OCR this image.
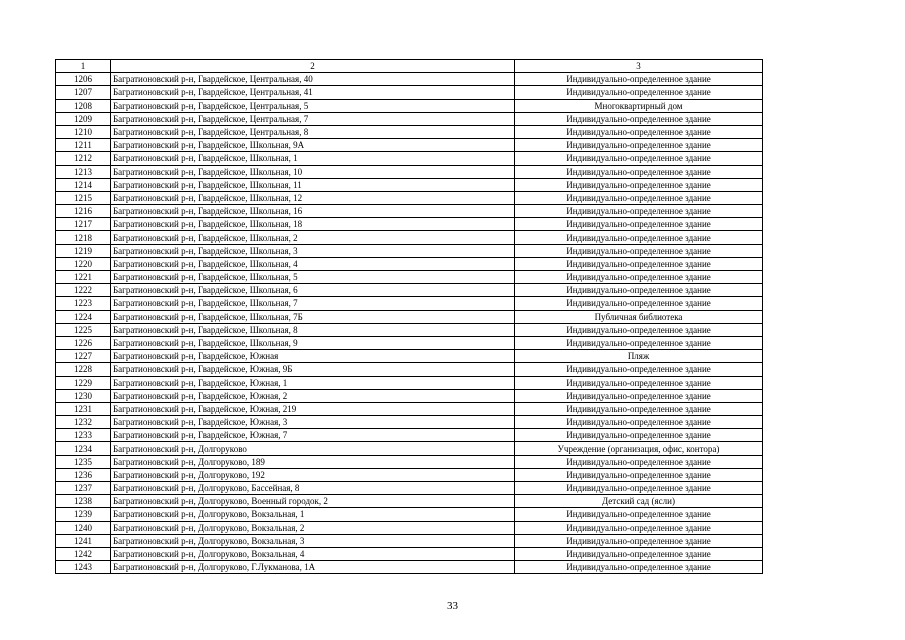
1	2	3
1206	Багратионовский р-н, Гвардейское, Центральная, 40	Индивидуально-определенное здание
1207	Багратионовский р-н, Гвардейское, Центральная, 41	Индивидуально-определенное здание
1208	Багратионовский р-н, Гвардейское, Центральная, 5	Многоквартирный дом
1209	Багратионовский р-н, Гвардейское, Центральная, 7	Индивидуально-определенное здание
1210	Багратионовский р-н, Гвардейское, Центральная, 8	Индивидуально-определенное здание
1211	Багратионовский р-н, Гвардейское, Школьная, 9А	Индивидуально-определенное здание
1212	Багратионовский р-н, Гвардейское, Школьная, 1	Индивидуально-определенное здание
1213	Багратионовский р-н, Гвардейское, Школьная, 10	Индивидуально-определенное здание
1214	Багратионовский р-н, Гвардейское, Школьная, 11	Индивидуально-определенное здание
1215	Багратионовский р-н, Гвардейское, Школьная, 12	Индивидуально-определенное здание
1216	Багратионовский р-н, Гвардейское, Школьная, 16	Индивидуально-определенное здание
1217	Багратионовский р-н, Гвардейское, Школьная, 18	Индивидуально-определенное здание
1218	Багратионовский р-н, Гвардейское, Школьная, 2	Индивидуально-определенное здание
1219	Багратионовский р-н, Гвардейское, Школьная, 3	Индивидуально-определенное здание
1220	Багратионовский р-н, Гвардейское, Школьная, 4	Индивидуально-определенное здание
1221	Багратионовский р-н, Гвардейское, Школьная, 5	Индивидуально-определенное здание
1222	Багратионовский р-н, Гвардейское, Школьная, 6	Индивидуально-определенное здание
1223	Багратионовский р-н, Гвардейское, Школьная, 7	Индивидуально-определенное здание
1224	Багратионовский р-н, Гвардейское, Школьная, 7Б	Публичная библиотека
1225	Багратионовский р-н, Гвардейское, Школьная, 8	Индивидуально-определенное здание
1226	Багратионовский р-н, Гвардейское, Школьная, 9	Индивидуально-определенное здание
1227	Багратионовский р-н, Гвардейское, Южная	Пляж
1228	Багратионовский р-н, Гвардейское, Южная, 9Б	Индивидуально-определенное здание
1229	Багратионовский р-н, Гвардейское, Южная, 1	Индивидуально-определенное здание
1230	Багратионовский р-н, Гвардейское, Южная, 2	Индивидуально-определенное здание
1231	Багратионовский р-н, Гвардейское, Южная, 219	Индивидуально-определенное здание
1232	Багратионовский р-н, Гвардейское, Южная, 3	Индивидуально-определенное здание
1233	Багратионовский р-н, Гвардейское, Южная, 7	Индивидуально-определенное здание
1234	Багратионовский р-н, Долгоруково	Учреждение (организация, офис, контора)
1235	Багратионовский р-н, Долгоруково, 189	Индивидуально-определенное здание
1236	Багратионовский р-н, Долгоруково, 192	Индивидуально-определенное здание
1237	Багратионовский р-н, Долгоруково, Бассейная, 8	Индивидуально-определенное здание
1238	Багратионовский р-н, Долгоруково, Военный городок, 2	Детский сад (ясли)
1239	Багратионовский р-н, Долгоруково, Вокзальная, 1	Индивидуально-определенное здание
1240	Багратионовский р-н, Долгоруково, Вокзальная, 2	Индивидуально-определенное здание
1241	Багратионовский р-н, Долгоруково, Вокзальная, 3	Индивидуально-определенное здание
1242	Багратионовский р-н, Долгоруково, Вокзальная, 4	Индивидуально-определенное здание
1243	Багратионовский р-н, Долгоруково, Г.Лукманова, 1А	Индивидуально-определенное здание
33
